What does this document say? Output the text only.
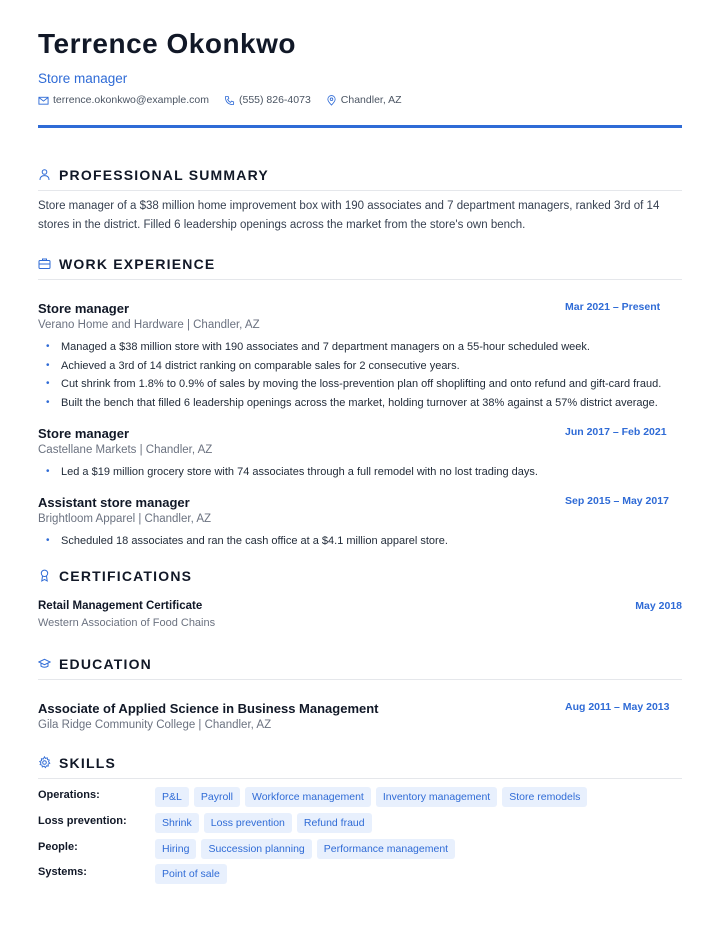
Terrence Okonkwo
Store manager
terrence.okonkwo@example.com	(555) 826-4073	Chandler, AZ
PROFESSIONAL SUMMARY
Store manager of a $38 million home improvement box with 190 associates and 7 department managers, ranked 3rd of 14 stores in the district. Filled 6 leadership openings across the market from the store's own bench.
WORK EXPERIENCE
Store manager	Mar 2021 – Present
Verano Home and Hardware | Chandler, AZ
• Managed a $38 million store with 190 associates and 7 department managers on a 55-hour scheduled week.
• Achieved a 3rd of 14 district ranking on comparable sales for 2 consecutive years.
• Cut shrink from 1.8% to 0.9% of sales by moving the loss-prevention plan off shoplifting and onto refund and gift-card fraud.
• Built the bench that filled 6 leadership openings across the market, holding turnover at 38% against a 57% district average.
Store manager	Jun 2017 – Feb 2021
Castellane Markets | Chandler, AZ
• Led a $19 million grocery store with 74 associates through a full remodel with no lost trading days.
Assistant store manager	Sep 2015 – May 2017
Brightloom Apparel | Chandler, AZ
• Scheduled 18 associates and ran the cash office at a $4.1 million apparel store.
CERTIFICATIONS
Retail Management Certificate
Western Association of Food Chains
May 2018
EDUCATION
Associate of Applied Science in Business Management
Gila Ridge Community College | Chandler, AZ
Aug 2011 – May 2013
SKILLS
Operations:	P&L	Payroll	Workforce management	Inventory management	Store remodels
Loss prevention:	Shrink	Loss prevention	Refund fraud
People:	Hiring	Succession planning	Performance management
Systems:	Point of sale
